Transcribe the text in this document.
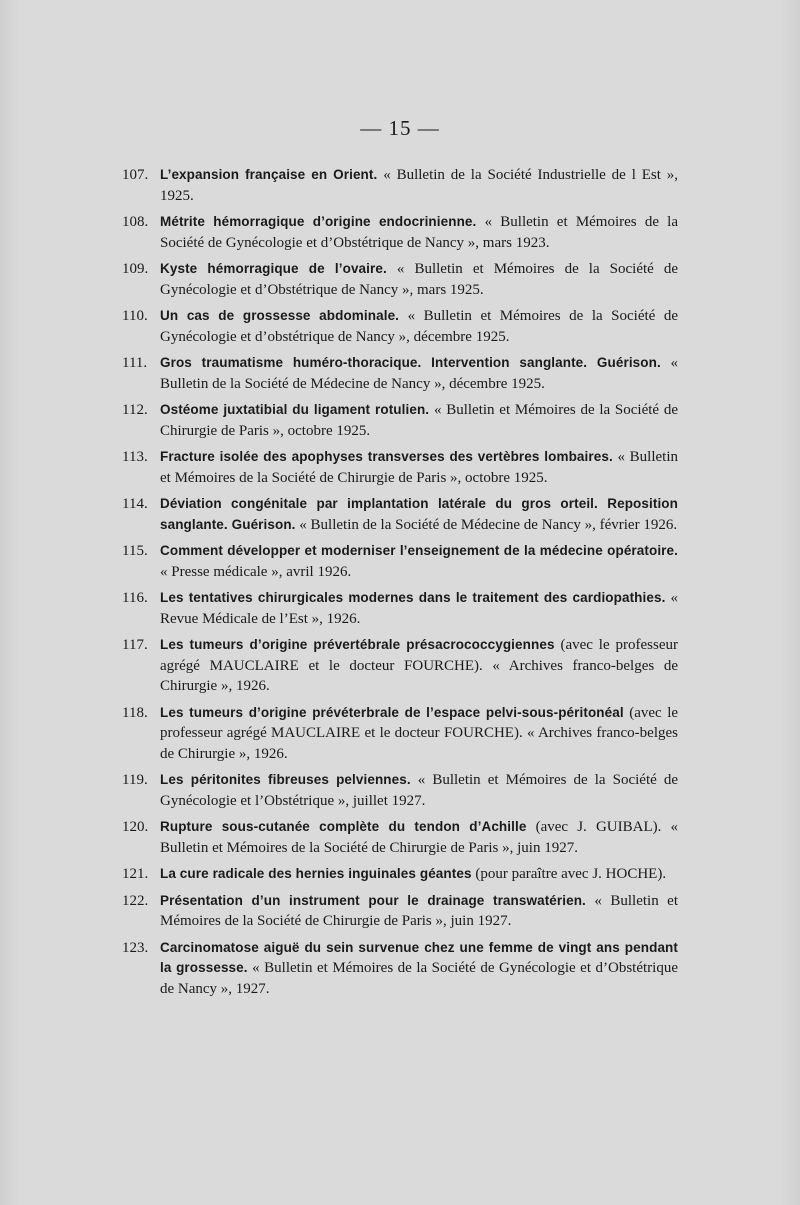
— 15 —
107. L’expansion française en Orient. « Bulletin de la Société Industrielle de l Est », 1925.
108. Métrite hémorragique d’origine endocrinienne. « Bulletin et Mémoires de la Société de Gynécologie et d’Obstétrique de Nancy », mars 1923.
109. Kyste hémorragique de l’ovaire. « Bulletin et Mémoires de la Société de Gynécologie et d’Obstétrique de Nancy », mars 1925.
110. Un cas de grossesse abdominale. « Bulletin et Mémoires de la Société de Gynécologie et d’obstétrique de Nancy », décembre 1925.
111. Gros traumatisme huméro-thoracique. Intervention sanglante. Guérison. « Bulletin de la Société de Médecine de Nancy », décembre 1925.
112. Ostéome juxtatibial du ligament rotulien. « Bulletin et Mémoires de la Société de Chirurgie de Paris », octobre 1925.
113. Fracture isolée des apophyses transverses des vertèbres lombaires. « Bulletin et Mémoires de la Société de Chirurgie de Paris », octobre 1925.
114. Déviation congénitale par implantation latérale du gros orteil. Reposition sanglante. Guérison. « Bulletin de la Société de Médecine de Nancy », février 1926.
115. Comment développer et moderniser l’enseignement de la médecine opératoire. « Presse médicale », avril 1926.
116. Les tentatives chirurgicales modernes dans le traitement des cardiopathies. « Revue Médicale de l’Est », 1926.
117. Les tumeurs d’origine prévertébrale présacrococcygiennes (avec le professeur agrégé MAUCLAIRE et le docteur FOURCHE). « Archives franco-belges de Chirurgie », 1926.
118. Les tumeurs d’origine prévéterbrale de l’espace pelvi-sous-péritonéal (avec le professeur agrégé MAUCLAIRE et le docteur FOURCHE). « Archives franco-belges de Chirurgie », 1926.
119. Les péritonites fibreuses pelviennes. « Bulletin et Mémoires de la Société de Gynécologie et l’Obstétrique », juillet 1927.
120. Rupture sous-cutanée complète du tendon d’Achille (avec J. GUIBAL). « Bulletin et Mémoires de la Société de Chirurgie de Paris », juin 1927.
121. La cure radicale des hernies inguinales géantes (pour paraître avec J. HOCHE).
122. Présentation d’un instrument pour le drainage transwatérien. « Bulletin et Mémoires de la Société de Chirurgie de Paris », juin 1927.
123. Carcinomatose aiguë du sein survenue chez une femme de vingt ans pendant la grossesse. « Bulletin et Mémoires de la Société de Gynécologie et d’Obstétrique de Nancy », 1927.
